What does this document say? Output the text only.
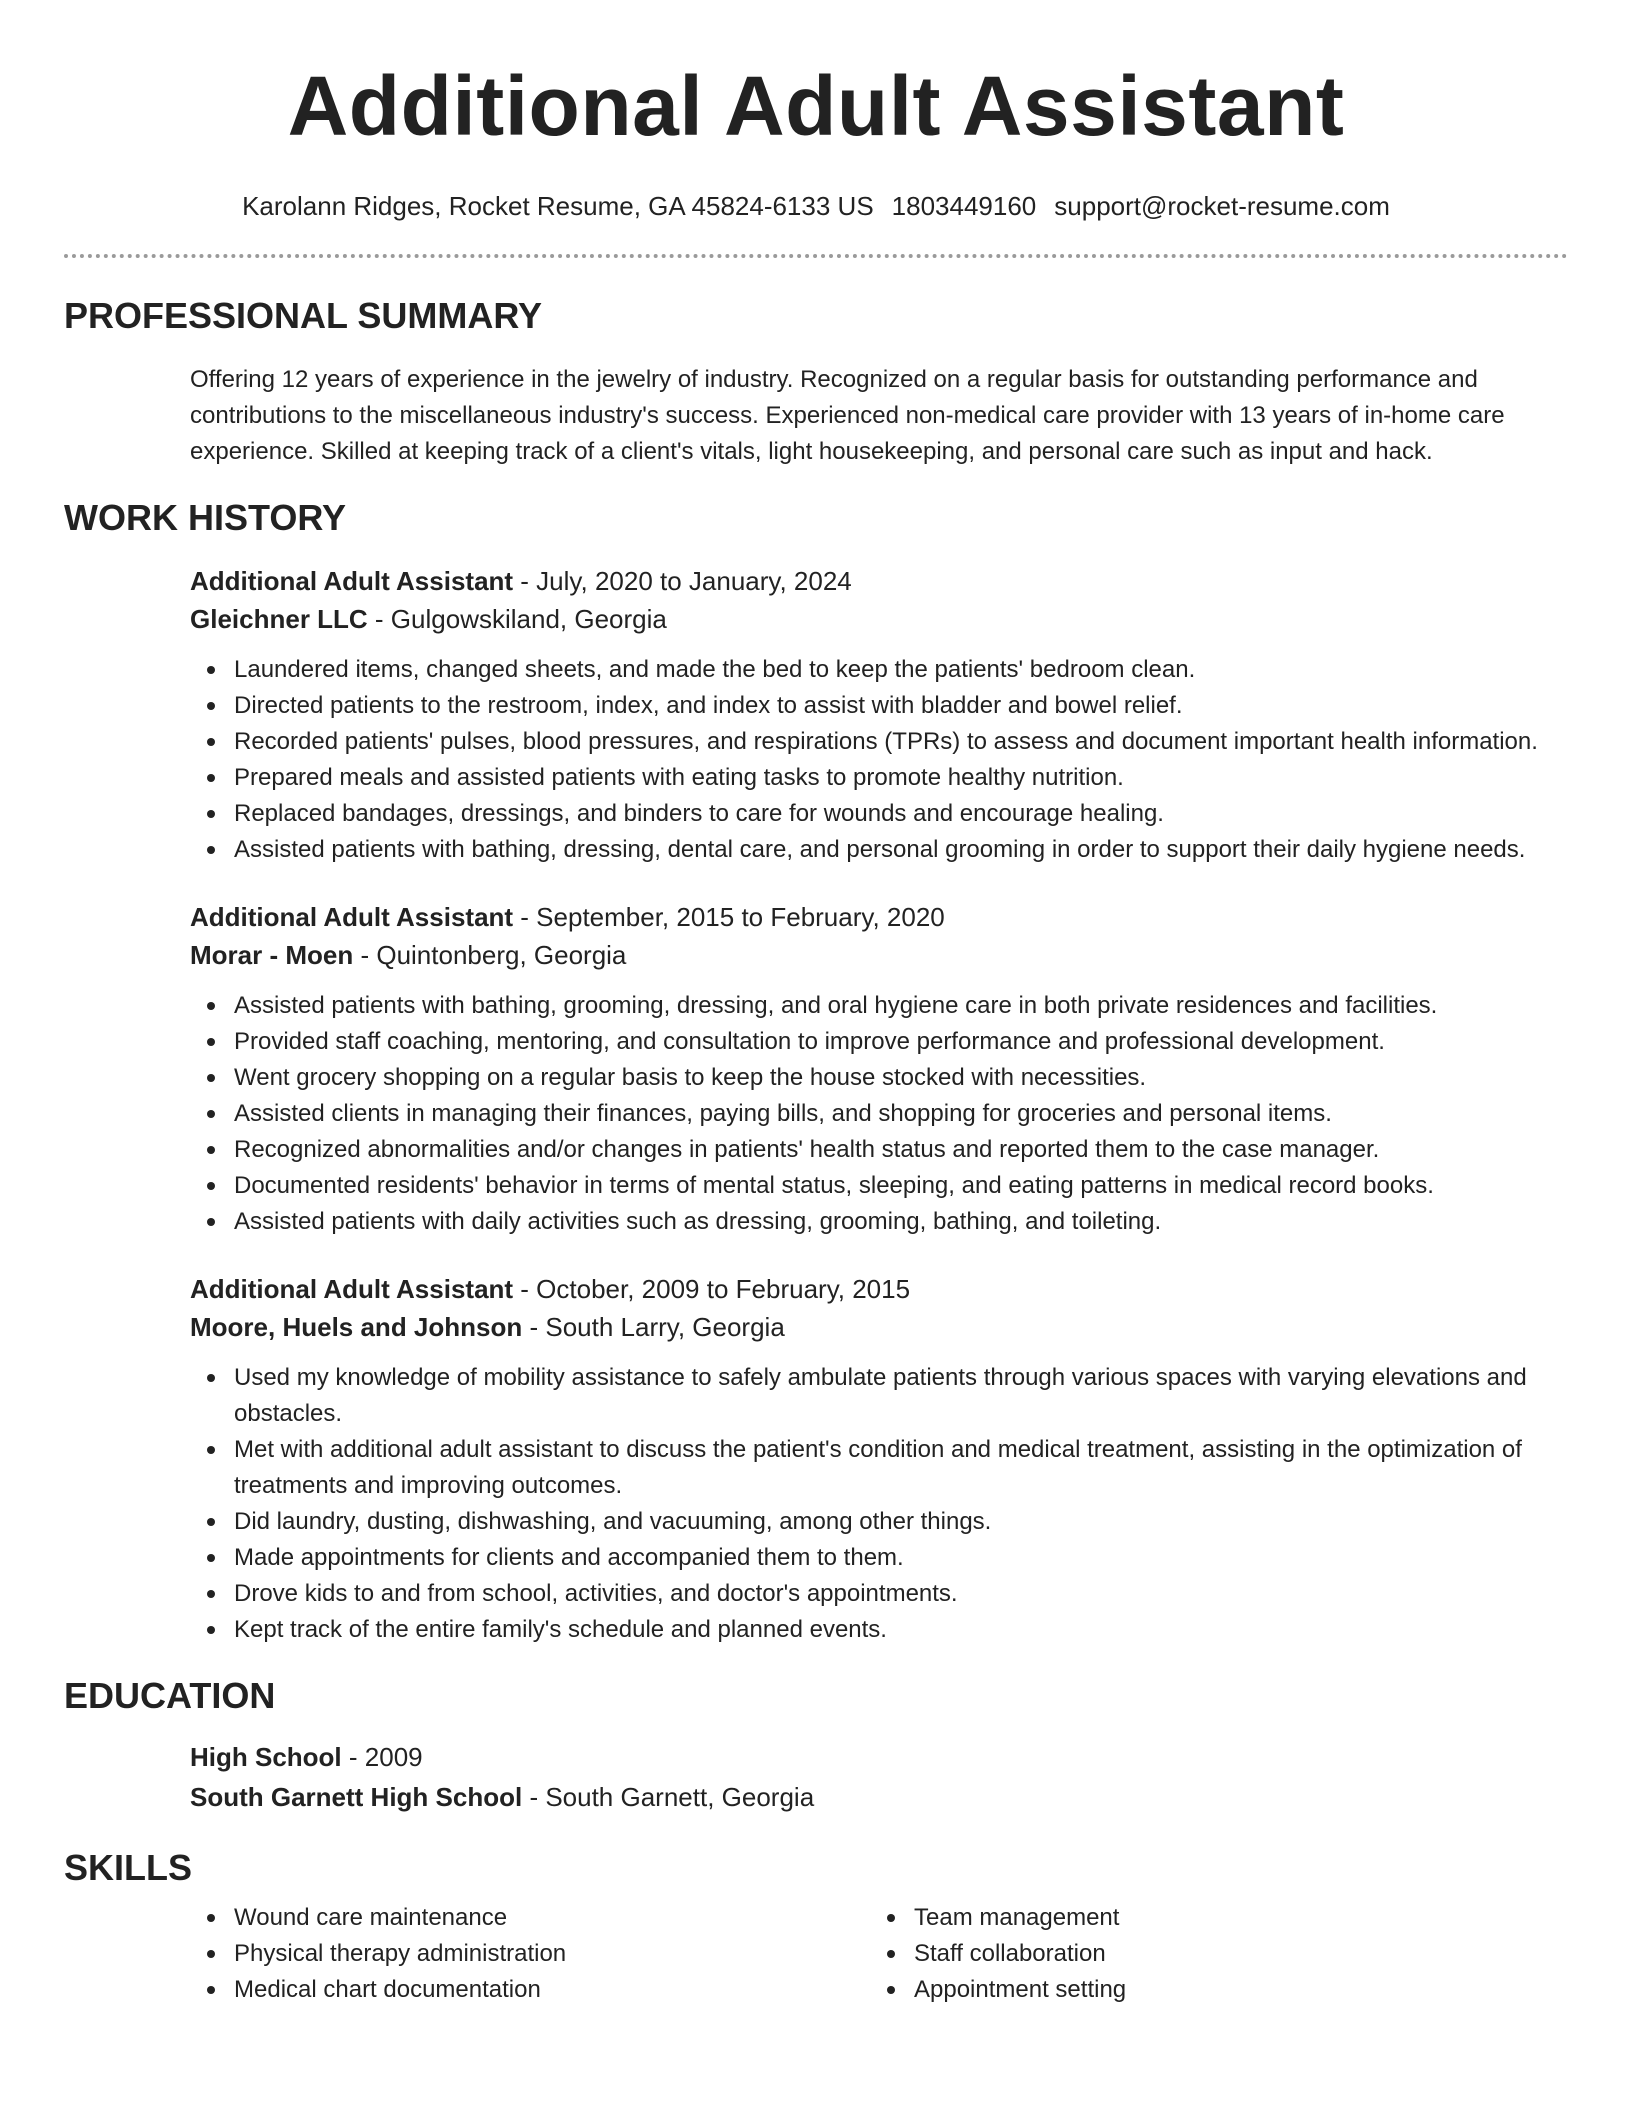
Additional Adult Assistant
Karolann Ridges, Rocket Resume, GA 45824-6133 US 1803449160 support@rocket-resume.com
PROFESSIONAL SUMMARY

Offering 12 years of experience in the jewelry of industry. Recognized on a regular basis for outstanding performance and contributions to the miscellaneous industry's success. Experienced non-medical care provider with 13 years of in-home care experience. Skilled at keeping track of a client's vitals, light housekeeping, and personal care such as input and hack.

WORK HISTORY
Additional Adult Assistant - July, 2020 to January, 2024
Gleichner LLC - Gulgowskiland, Georgia
Laundered items, changed sheets, and made the bed to keep the patients' bedroom clean.
Directed patients to the restroom, index, and index to assist with bladder and bowel relief.
Recorded patients' pulses, blood pressures, and respirations (TPRs) to assess and document important health information.
Prepared meals and assisted patients with eating tasks to promote healthy nutrition.
Replaced bandages, dressings, and binders to care for wounds and encourage healing.
Assisted patients with bathing, dressing, dental care, and personal grooming in order to support their daily hygiene needs.
Additional Adult Assistant - September, 2015 to February, 2020
Morar - Moen - Quintonberg, Georgia
Assisted patients with bathing, grooming, dressing, and oral hygiene care in both private residences and facilities.
Provided staff coaching, mentoring, and consultation to improve performance and professional development.
Went grocery shopping on a regular basis to keep the house stocked with necessities.
Assisted clients in managing their finances, paying bills, and shopping for groceries and personal items.
Recognized abnormalities and/or changes in patients' health status and reported them to the case manager.
Documented residents' behavior in terms of mental status, sleeping, and eating patterns in medical record books.
Assisted patients with daily activities such as dressing, grooming, bathing, and toileting.
Additional Adult Assistant - October, 2009 to February, 2015
Moore, Huels and Johnson - South Larry, Georgia
Used my knowledge of mobility assistance to safely ambulate patients through various spaces with varying elevations and obstacles.
Met with additional adult assistant to discuss the patient's condition and medical treatment, assisting in the optimization of treatments and improving outcomes.
Did laundry, dusting, dishwashing, and vacuuming, among other things.
Made appointments for clients and accompanied them to them.
Drove kids to and from school, activities, and doctor's appointments.
Kept track of the entire family's schedule and planned events.
EDUCATION
High School - 2009
South Garnett High School - South Garnett, Georgia
SKILLS
Wound care maintenance
Physical therapy administration
Medical chart documentation
Team management
Staff collaboration
Appointment setting
